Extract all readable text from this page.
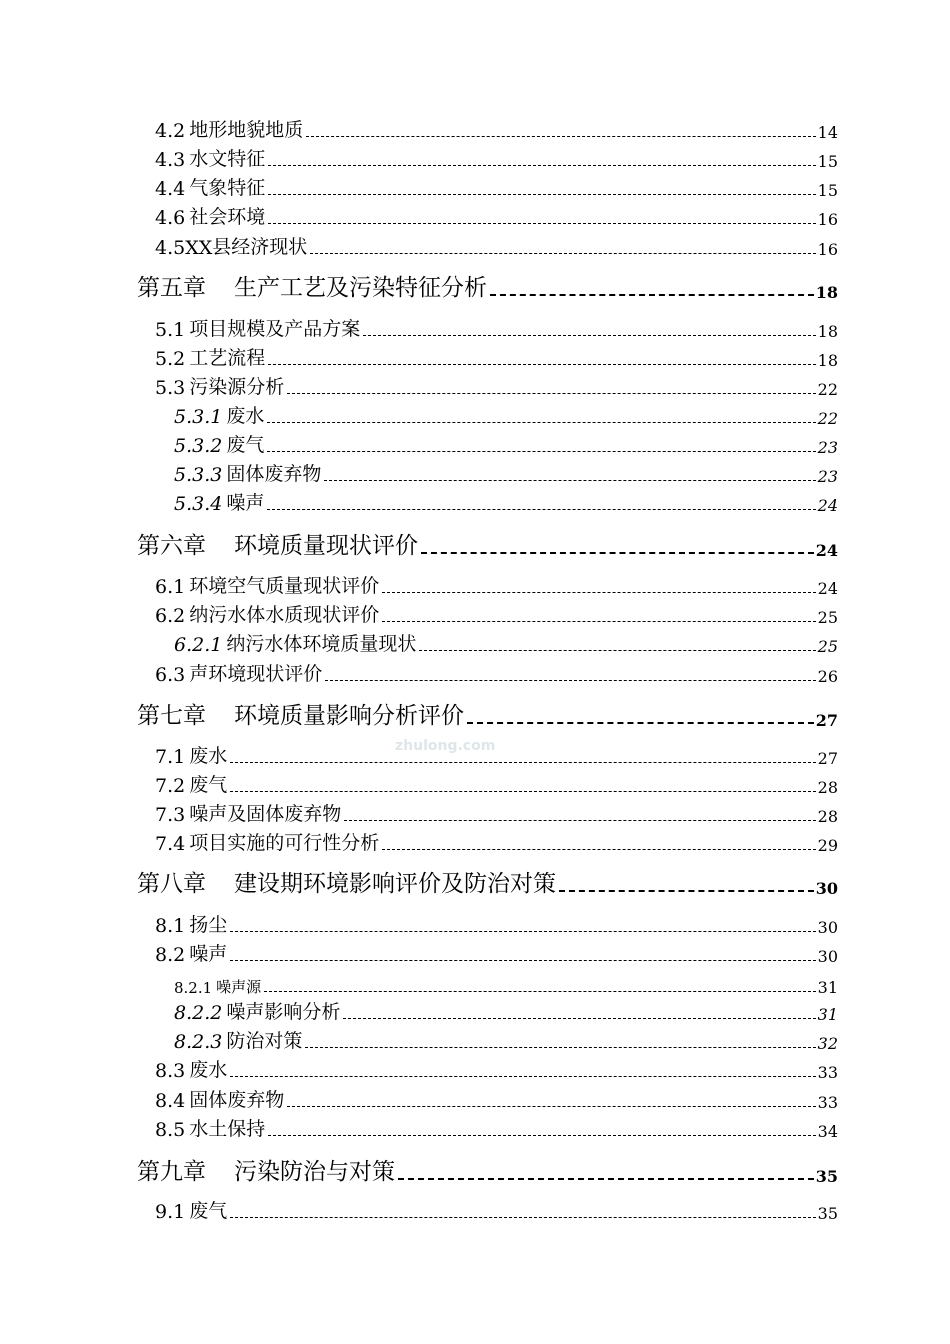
4.2 地形地貌地质	14
4.3 水文特征	15
4.4 气象特征	15
4.6 社会环境	16
4.5XX 县经济现状	16
第五章 生产工艺及污染特征分析	18
5.1 项目规模及产品方案	18
5.2 工艺流程	18
5.3 污染源分析	22
5.3.1 废水	22
5.3.2 废气	23
5.3.3 固体废弃物	23
5.3.4 噪声	24
第六章 环境质量现状评价	24
6.1 环境空气质量现状评价	24
6.2 纳污水体水质现状评价	25
6.2.1 纳污水体环境质量现状	25
6.3 声环境现状评价	26
第七章 环境质量影响分析评价	27
7.1 废水	27
7.2 废气	28
7.3 噪声及固体废弃物	28
7.4 项目实施的可行性分析	29
第八章 建设期环境影响评价及防治对策	30
8.1 扬尘	30
8.2 噪声	30
8.2.1 噪声源	31
8.2.2 噪声影响分析	31
8.2.3 防治对策	32
8.3 废水	33
8.4 固体废弃物	33
8.5 水土保持	34
第九章 污染防治与对策	35
9.1 废气	35
zhulong.com
